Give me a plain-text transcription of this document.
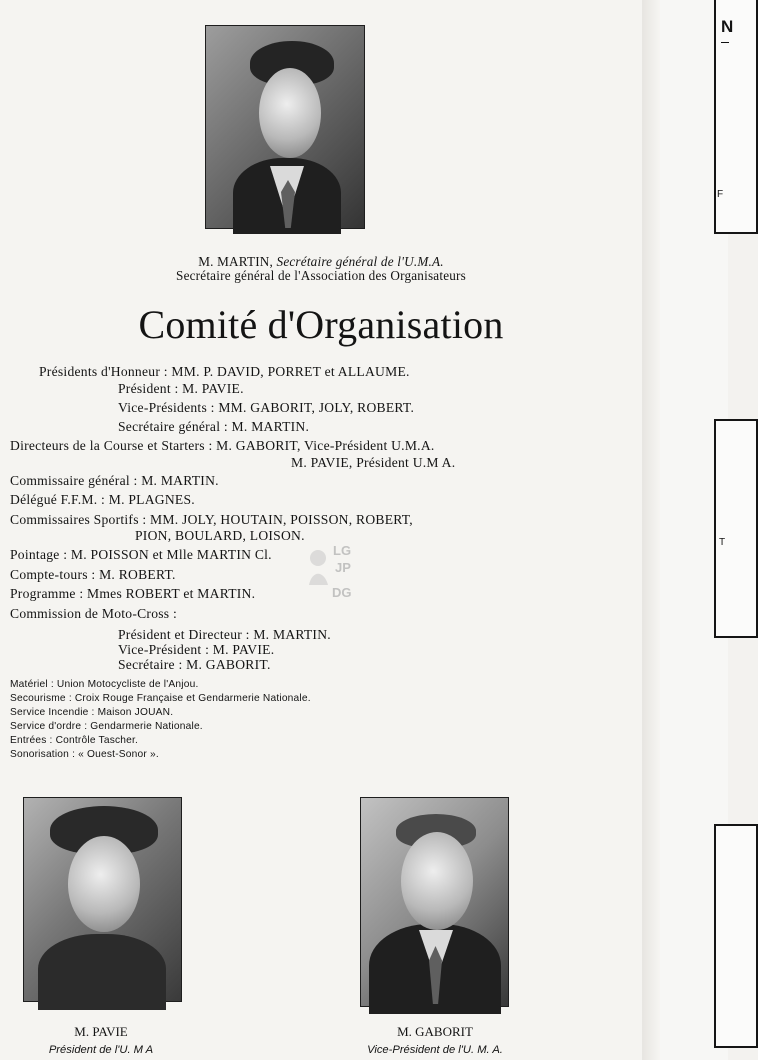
M. MARTIN, Secrétaire général de l'U.M.A.
Secrétaire général de l'Association des Organisateurs
Comité d'Organisation
Présidents d'Honneur : MM. P. DAVID, PORRET et ALLAUME.
Président : M. PAVIE.
Vice-Présidents : MM. GABORIT, JOLY, ROBERT.
Secrétaire général : M. MARTIN.
Directeurs de la Course et Starters : M. GABORIT, Vice-Président U.M.A.
M. PAVIE, Président U.M A.
Commissaire général : M. MARTIN.
Délégué F.F.M. : M. PLAGNES.
Commissaires Sportifs : MM. JOLY, HOUTAIN, POISSON, ROBERT,
PION, BOULARD, LOISON.
Pointage : M. POISSON et Mlle MARTIN Cl.
Compte-tours : M. ROBERT.
Programme : Mmes ROBERT et MARTIN.
Commission de Moto-Cross :
Président et Directeur : M. MARTIN.
Vice-Président : M. PAVIE.
Secrétaire : M. GABORIT.
Matériel : Union Motocycliste de l'Anjou.
Secourisme : Croix Rouge Française et Gendarmerie Nationale.
Service Incendie : Maison JOUAN.
Service d'ordre : Gendarmerie Nationale.
Entrées : Contrôle Tascher.
Sonorisation : « Ouest-Sonor ».
LG
JP
DG
M. PAVIE
Président de l'U. M A
M. GABORIT
Vice-Président de l'U. M. A.
N
F
T
